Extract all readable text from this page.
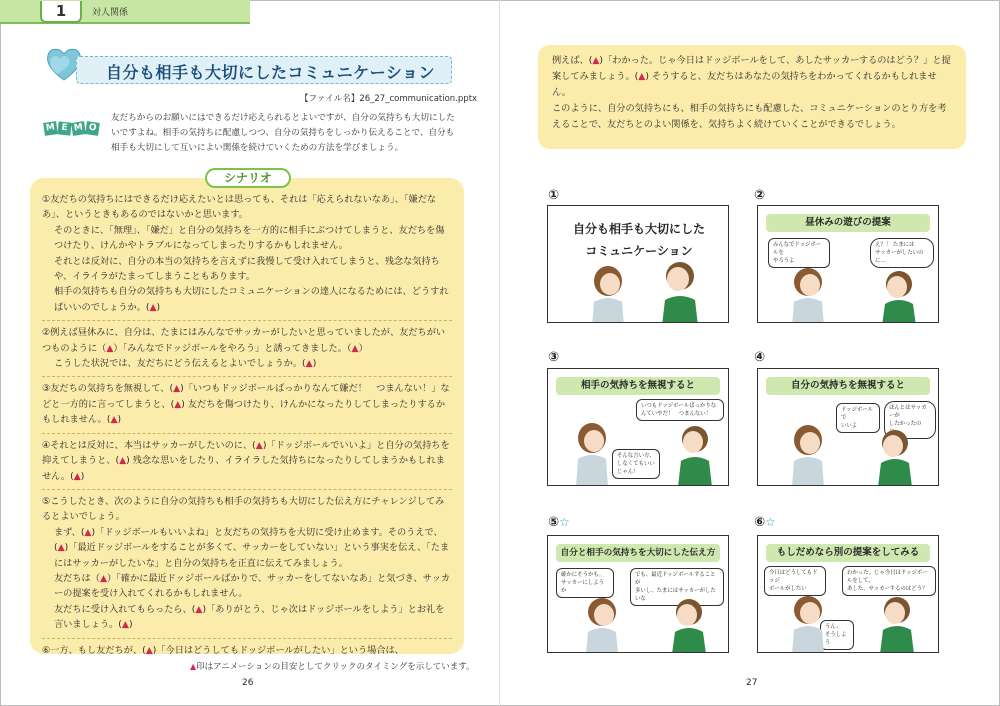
1	対人関係
自分も相手も大切にしたコミュニケーション
【ファイル名】26_27_communication.pptx
M E M O
友だちからのお願いにはできるだけ応えられるとよいですが、自分の気持ちも大切にしたいですよね。相手の気持ちに配慮しつつ、自分の気持ちをしっかり伝えることで、自分も相手も大切にして互いによい関係を続けていくための方法を学びましょう。
シナリオ
①友だちの気持ちにはできるだけ応えたいとは思っても、それは「応えられないなあ」、「嫌だなあ」、というときもあるのではないかと思います。
そのときに、「無理」、「嫌だ」と自分の気持ちを一方的に相手にぶつけてしまうと、友だちを傷つけたり、けんかやトラブルになってしまったりするかもしれません。
それとは反対に、自分の本当の気持ちを言えずに我慢して受け入れてしまうと、残念な気持ちや、イライラがたまってしまうこともあります。
相手の気持ちも自分の気持ちも大切にしたコミュニケーションの達人になるためには、どうすればいいのでしょうか。(▲)
②例えば昼休みに、自分は、たまにはみんなでサッカーがしたいと思っていましたが、友だちがいつものように（▲）「みんなでドッジボールをやろう」と誘ってきました。（▲）
こうした状況では、友だちにどう伝えるとよいでしょうか。(▲)
③友だちの気持ちを無視して、(▲)「いつもドッジボールばっかりなんて嫌だ！　つまんない！」などと一方的に言ってしまうと、(▲) 友だちを傷つけたり、けんかになったりしてしまったりするかもしれません。(▲)
④それとは反対に、本当はサッカーがしたいのに、(▲)「ドッジボールでいいよ」と自分の気持ちを抑えてしまうと、(▲) 残念な思いをしたり、イライラした気持ちになったりしてしまうかもしれません。(▲)
⑤こうしたとき、次のように自分の気持ちも相手の気持ちも大切にした伝え方にチャレンジしてみるとよいでしょう。
まず、(▲)「ドッジボールもいいよね」と友だちの気持ちを大切に受け止めます。そのうえで、(▲)「最近ドッジボールをすることが多くて、サッカーをしていない」という事実を伝え、「たまにはサッカーがしたいな」と自分の気持ちを正直に伝えてみましょう。
友だちは（▲）「確かに最近ドッジボールばかりで、サッカーをしてないなあ」と気づき、サッカーの提案を受け入れてくれるかもしれません。
友だちに受け入れてもらったら、(▲)「ありがとう、じゃ次はドッジボールをしよう」とお礼を言いましょう。(▲)
⑥一方、もし友だちが、(▲)「今日はどうしてもドッジボールがしたい」という場合は、
▲印はアニメーションの目安としてクリックのタイミングを示しています。
26
例えば、(▲)「わかった。じゃ今日はドッジボールをして、あしたサッカーするのはどう？」と提案してみましょう。(▲) そうすると、友だちはあなたの気持ちをわかってくれるかもしれません。
このように、自分の気持ちにも、相手の気持ちにも配慮した、コミュニケーションのとり方を考えることで、友だちとのよい関係を、気持ちよく続けていくことができるでしょう。
①	②
③	④
⑤☆	⑥☆
自分も相手も大切にした
コミュニケーション
昼休みの遊びの提案
みんなでドッジボールを
やろうよ
え？！ たまには
サッカーがしたいのに…
相手の気持ちを無視すると
いつもドッジボールばっかりな
んていやだ！　つまんない！
そんな言い方、
しなくてもいい
じゃん！
自分の気持ちを無視すると
ドッジボールで
いいよ
ほんとはサッカーが
したかったの
自分と相手の気持ちを大切にした伝え方
確かにそうかも。
サッカーにしようか
でも、最近ドッジボールすることが
多いし、たまにはサッカーがしたいな
もしだめなら別の提案をしてみる
今日はどうしてもドッジ
ボールがしたい
わかった。じゃ今日はドッジボールをして、
あした、サッカーするのはどう？
うん、
そうしよう
27
